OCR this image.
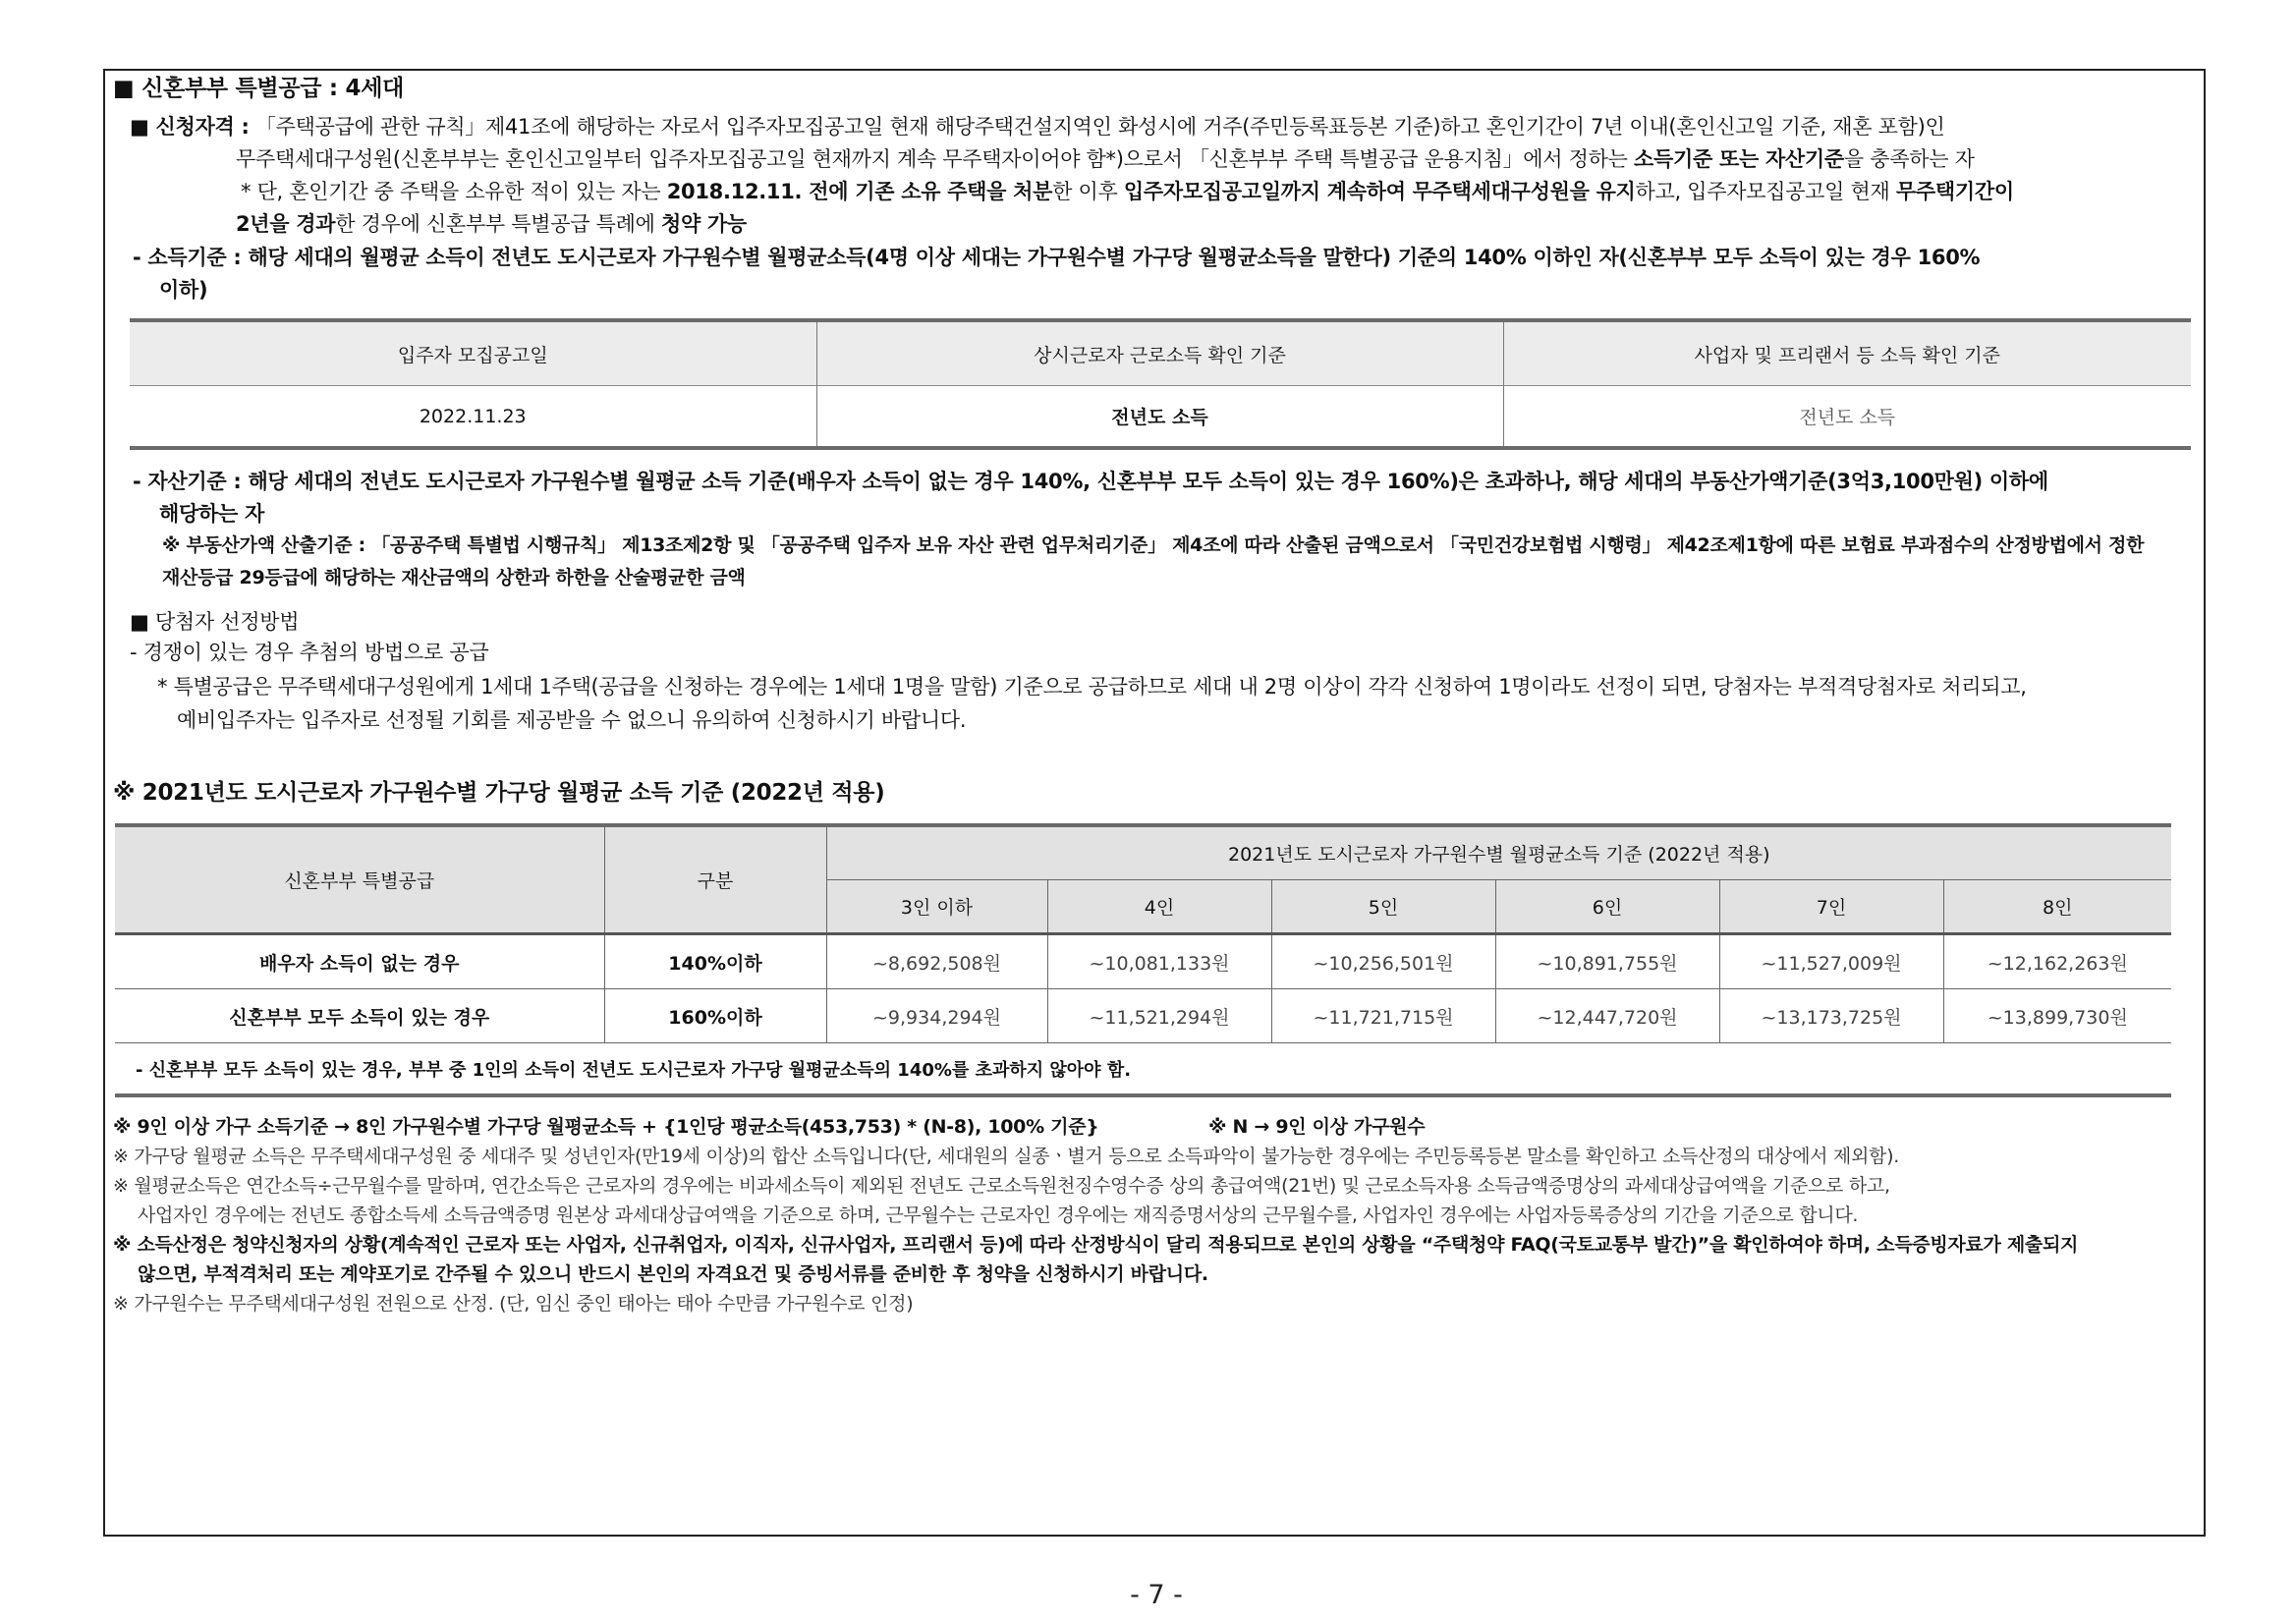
■ 신혼부부 특별공급 : 4세대
■ 신청자격 : 「주택공급에 관한 규칙」제41조에 해당하는 자로서 입주자모집공고일 현재 해당주택건설지역인 화성시에 거주(주민등록표등본 기준)하고 혼인기간이 7년 이내(혼인신고일 기준, 재혼 포함)인
무주택세대구성원(신혼부부는 혼인신고일부터 입주자모집공고일 현재까지 계속 무주택자이어야 함*)으로서 「신혼부부 주택 특별공급 운용지침」에서 정하는 소득기준 또는 자산기준을 충족하는 자
* 단, 혼인기간 중 주택을 소유한 적이 있는 자는 2018.12.11. 전에 기존 소유 주택을 처분한 이후 입주자모집공고일까지 계속하여 무주택세대구성원을 유지하고, 입주자모집공고일 현재 무주택기간이
2년을 경과한 경우에 신혼부부 특별공급 특례에 청약 가능
- 소득기준 : 해당 세대의 월평균 소득이 전년도 도시근로자 가구원수별 월평균소득(4명 이상 세대는 가구원수별 가구당 월평균소득을 말한다) 기준의 140% 이하인 자(신혼부부 모두 소득이 있는 경우 160%
이하)
입주자 모집공고일	상시근로자 근로소득 확인 기준	사업자 및 프리랜서 등 소득 확인 기준
2022.11.23	전년도 소득	전년도 소득
- 자산기준 : 해당 세대의 전년도 도시근로자 가구원수별 월평균 소득 기준(배우자 소득이 없는 경우 140%, 신혼부부 모두 소득이 있는 경우 160%)은 초과하나, 해당 세대의 부동산가액기준(3억3,100만원) 이하에
해당하는 자
※ 부동산가액 산출기준 : 「공공주택 특별법 시행규칙」 제13조제2항 및 「공공주택 입주자 보유 자산 관련 업무처리기준」 제4조에 따라 산출된 금액으로서 「국민건강보험법 시행령」 제42조제1항에 따른 보험료 부과점수의 산정방법에서 정한
재산등급 29등급에 해당하는 재산금액의 상한과 하한을 산술평균한 금액
■ 당첨자 선정방법
- 경쟁이 있는 경우 추첨의 방법으로 공급
* 특별공급은 무주택세대구성원에게 1세대 1주택(공급을 신청하는 경우에는 1세대 1명을 말함) 기준으로 공급하므로 세대 내 2명 이상이 각각 신청하여 1명이라도 선정이 되면, 당첨자는 부적격당첨자로 처리되고,
예비입주자는 입주자로 선정될 기회를 제공받을 수 없으니 유의하여 신청하시기 바랍니다.
※ 2021년도 도시근로자 가구원수별 가구당 월평균 소득 기준 (2022년 적용)
신혼부부 특별공급	구분	2021년도 도시근로자 가구원수별 월평균소득 기준 (2022년 적용)					
		3인 이하	4인	5인	6인	7인	8인
배우자 소득이 없는 경우	140%이하	~8,692,508원	~10,081,133원	~10,256,501원	~10,891,755원	~11,527,009원	~12,162,263원
신혼부부 모두 소득이 있는 경우	160%이하	~9,934,294원	~11,521,294원	~11,721,715원	~12,447,720원	~13,173,725원	~13,899,730원
- 신혼부부 모두 소득이 있는 경우, 부부 중 1인의 소득이 전년도 도시근로자 가구당 월평균소득의 140%를 초과하지 않아야 함.							
※ 9인 이상 가구 소득기준 → 8인 가구원수별 가구당 월평균소득 + {1인당 평균소득(453,753) * (N-8), 100% 기준}	※ N → 9인 이상 가구원수
※ 가구당 월평균 소득은 무주택세대구성원 중 세대주 및 성년인자(만19세 이상)의 합산 소득입니다(단, 세대원의 실종ㆍ별거 등으로 소득파악이 불가능한 경우에는 주민등록등본 말소를 확인하고 소득산정의 대상에서 제외함).
※ 월평균소득은 연간소득÷근무월수를 말하며, 연간소득은 근로자의 경우에는 비과세소득이 제외된 전년도 근로소득원천징수영수증 상의 총급여액(21번) 및 근로소득자용 소득금액증명상의 과세대상급여액을 기준으로 하고,
사업자인 경우에는 전년도 종합소득세 소득금액증명 원본상 과세대상급여액을 기준으로 하며, 근무월수는 근로자인 경우에는 재직증명서상의 근무월수를, 사업자인 경우에는 사업자등록증상의 기간을 기준으로 합니다.
※ 소득산정은 청약신청자의 상황(계속적인 근로자 또는 사업자, 신규취업자, 이직자, 신규사업자, 프리랜서 등)에 따라 산정방식이 달리 적용되므로 본인의 상황을 “주택청약 FAQ(국토교통부 발간)”을 확인하여야 하며, 소득증빙자료가 제출되지
않으면, 부적격처리 또는 계약포기로 간주될 수 있으니 반드시 본인의 자격요건 및 증빙서류를 준비한 후 청약을 신청하시기 바랍니다.
※ 가구원수는 무주택세대구성원 전원으로 산정. (단, 임신 중인 태아는 태아 수만큼 가구원수로 인정)
- 7 -
